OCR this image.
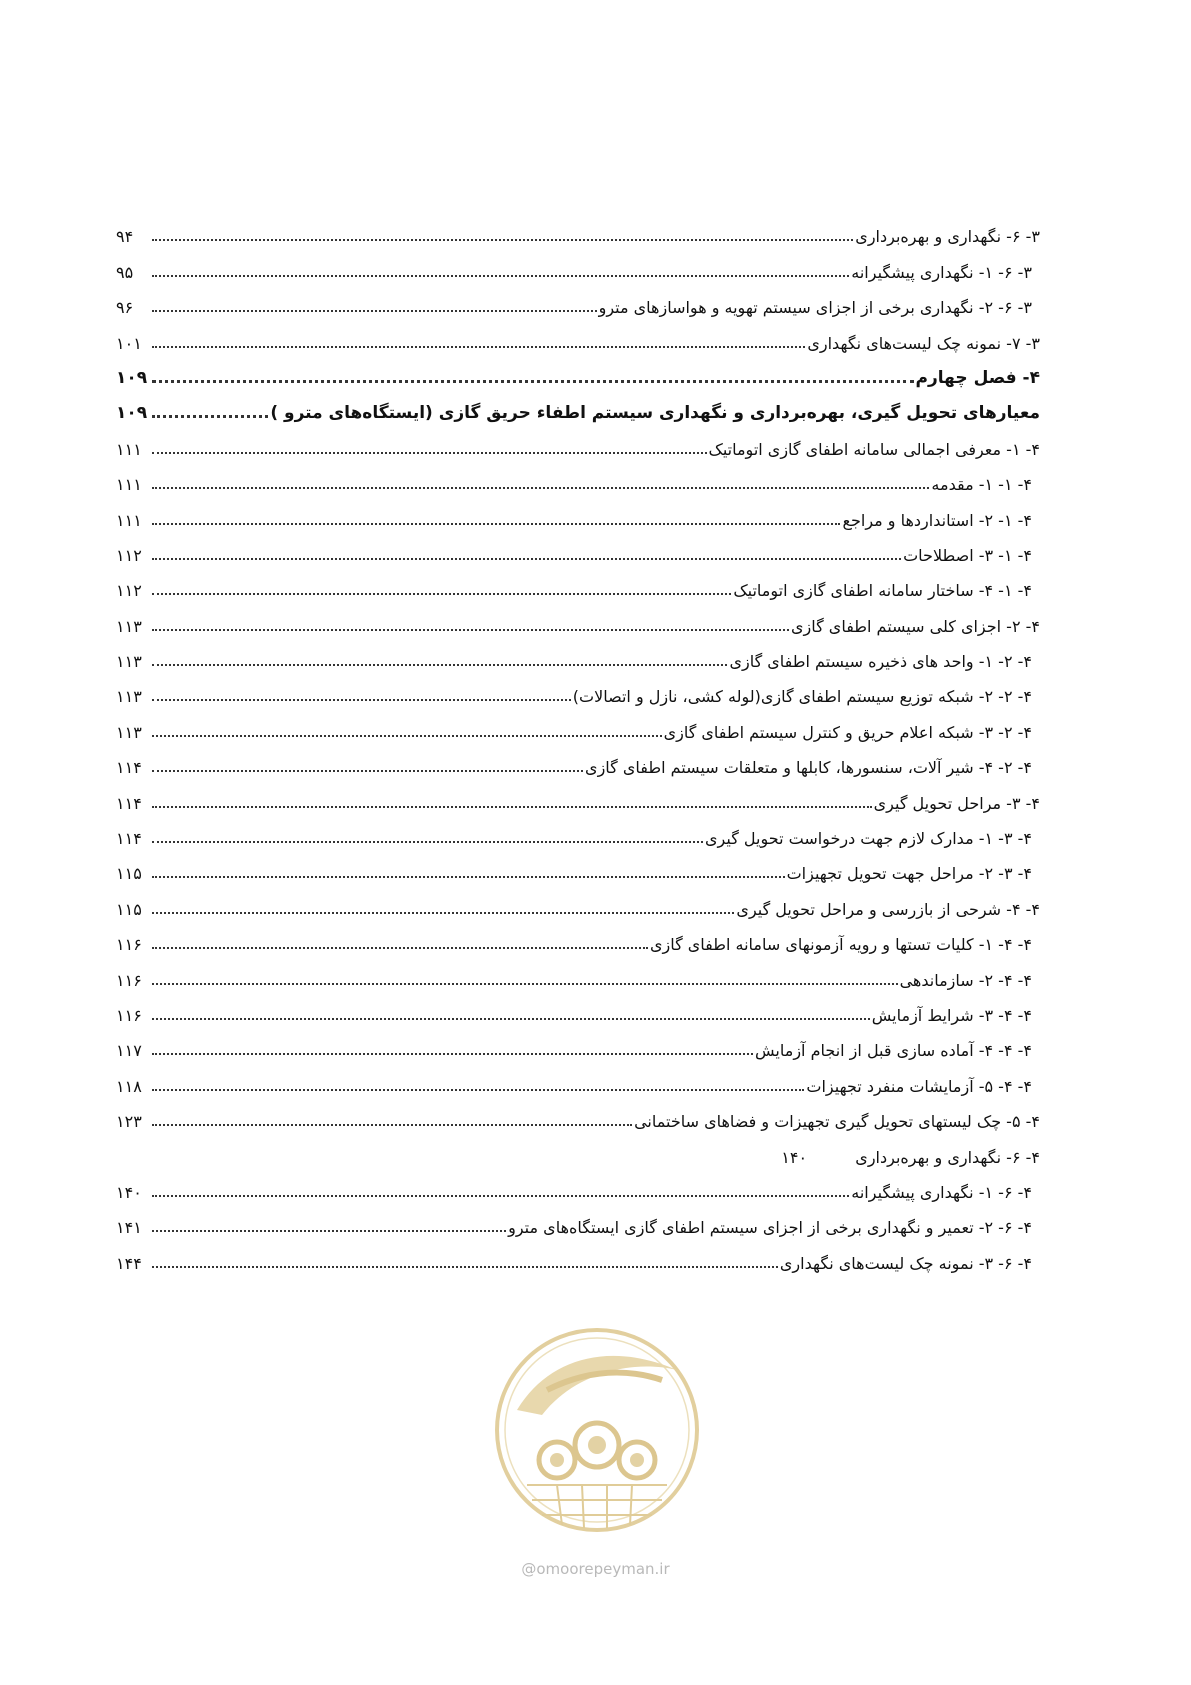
۳- ۶- نگهداری و بهره‌برداری
۹۴
۳- ۶- ۱- نگهداری پیشگیرانه
۹۵
۳- ۶- ۲- نگهداری برخی از اجزای سیستم تهویه و هواسازهای مترو
۹۶
۳- ۷- نمونه چک لیست‌های نگهداری
۱۰۱
۴- فصل چهارم
۱۰۹
معیارهای تحویل گیری، بهره‌برداری و نگهداری سیستم اطفاء حریق گازی (ایستگاه‌های مترو )
۱۰۹
۴- ۱- معرفی اجمالی سامانه اطفای گازی اتوماتیک
۱۱۱
۴- ۱- ۱- مقدمه
۱۱۱
۴- ۱- ۲- استانداردها و مراجع
۱۱۱
۴- ۱- ۳- اصطلاحات
۱۱۲
۴- ۱- ۴- ساختار سامانه اطفای گازی اتوماتیک
۱۱۲
۴- ۲- اجزای کلی سیستم اطفای گازی
۱۱۳
۴- ۲- ۱- واحد های ذخیره سیستم اطفای گازی
۱۱۳
۴- ۲- ۲- شبکه توزیع سیستم اطفای گازی(لوله کشی، نازل و اتصالات)
۱۱۳
۴- ۲- ۳- شبکه اعلام حریق و کنترل سیستم اطفای گازی
۱۱۳
۴- ۲- ۴- شیر آلات، سنسورها، کابلها و متعلقات سیستم اطفای گازی
۱۱۴
۴- ۳- مراحل تحویل گیری
۱۱۴
۴- ۳- ۱- مدارک لازم جهت درخواست تحویل گیری
۱۱۴
۴- ۳- ۲- مراحل جهت تحویل تجهیزات
۱۱۵
۴- ۴- شرحی از بازرسی و مراحل تحویل گیری
۱۱۵
۴- ۴- ۱- کلیات تستها و رویه آزمونهای سامانه اطفای گازی
۱۱۶
۴- ۴- ۲- سازماندهی
۱۱۶
۴- ۴- ۳- شرایط آزمایش
۱۱۶
۴- ۴- ۴- آماده سازی قبل از انجام آزمایش
۱۱۷
۴- ۴- ۵- آزمایشات منفرد تجهیزات
۱۱۸
۴- ۵- چک لیستهای تحویل گیری تجهیزات و فضاهای ساختمانی
۱۲۳
۴- ۶- نگهداری و بهره‌برداری
۱۴۰
۴- ۶- ۱- نگهداری پیشگیرانه
۱۴۰
۴- ۶- ۲- تعمیر و نگهداری برخی از اجزای سیستم اطفای گازی ایستگاه‌های مترو
۱۴۱
۴- ۶- ۳- نمونه چک لیست‌های نگهداری
۱۴۴
@omoorepeyman.ir
